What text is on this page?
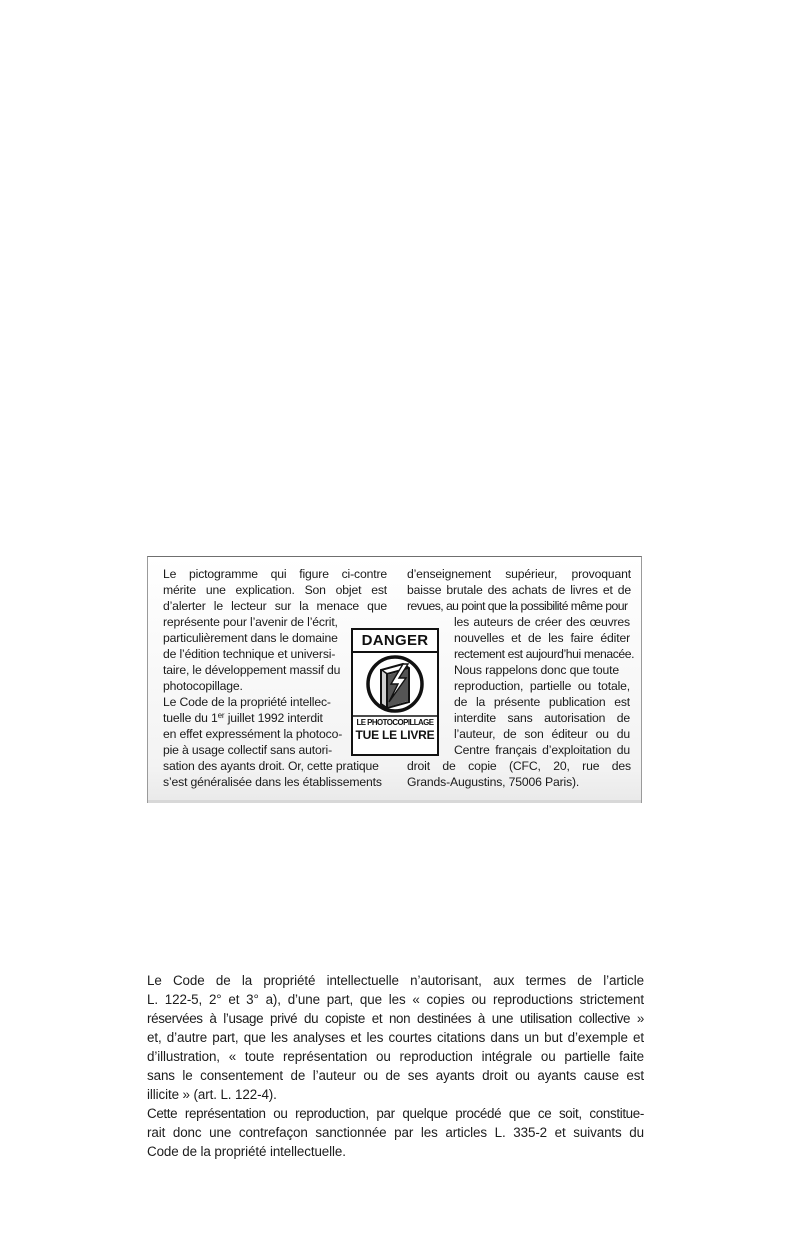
Le pictogramme qui figure ci-contre
mérite une explication. Son objet est
d’alerter le lecteur sur la menace que
représente pour l’avenir de l’écrit,
particulièrement dans le domaine
de l’édition technique et universi-
taire, le développement massif du
photocopillage.
Le Code de la propriété intellec-
tuelle du 1er juillet 1992 interdit
en effet expressément la photoco-
pie à usage collectif sans autori-
sation des ayants droit. Or, cette pratique
s’est généralisée dans les établissements
d’enseignement supérieur, provoquant
baisse brutale des achats de livres et de
revues, au point que la possibilité même pour
les auteurs de créer des œuvres
nouvelles et de les faire éditer
rectement est aujourd’hui menacée.
Nous rappelons donc que toute
reproduction, partielle ou totale,
de la présente publication est
interdite sans autorisation de
l’auteur, de son éditeur ou du
Centre français d’exploitation du
droit de copie (CFC, 20, rue des
Grands-Augustins, 75006 Paris).
DANGER
LE PHOTOCOPILLAGE
TUE LE LIVRE
Le Code de la propriété intellectuelle n’autorisant, aux termes de l’article
L. 122-5, 2° et 3° a), d’une part, que les « copies ou reproductions strictement
réservées à l’usage privé du copiste et non destinées à une utilisation collective »
et, d’autre part, que les analyses et les courtes citations dans un but d’exemple et
d’illustration, « toute représentation ou reproduction intégrale ou partielle faite
sans le consentement de l’auteur ou de ses ayants droit ou ayants cause est
illicite » (art. L. 122-4).
Cette représentation ou reproduction, par quelque procédé que ce soit, constitue-
rait donc une contrefaçon sanctionnée par les articles L. 335-2 et suivants du
Code de la propriété intellectuelle.
